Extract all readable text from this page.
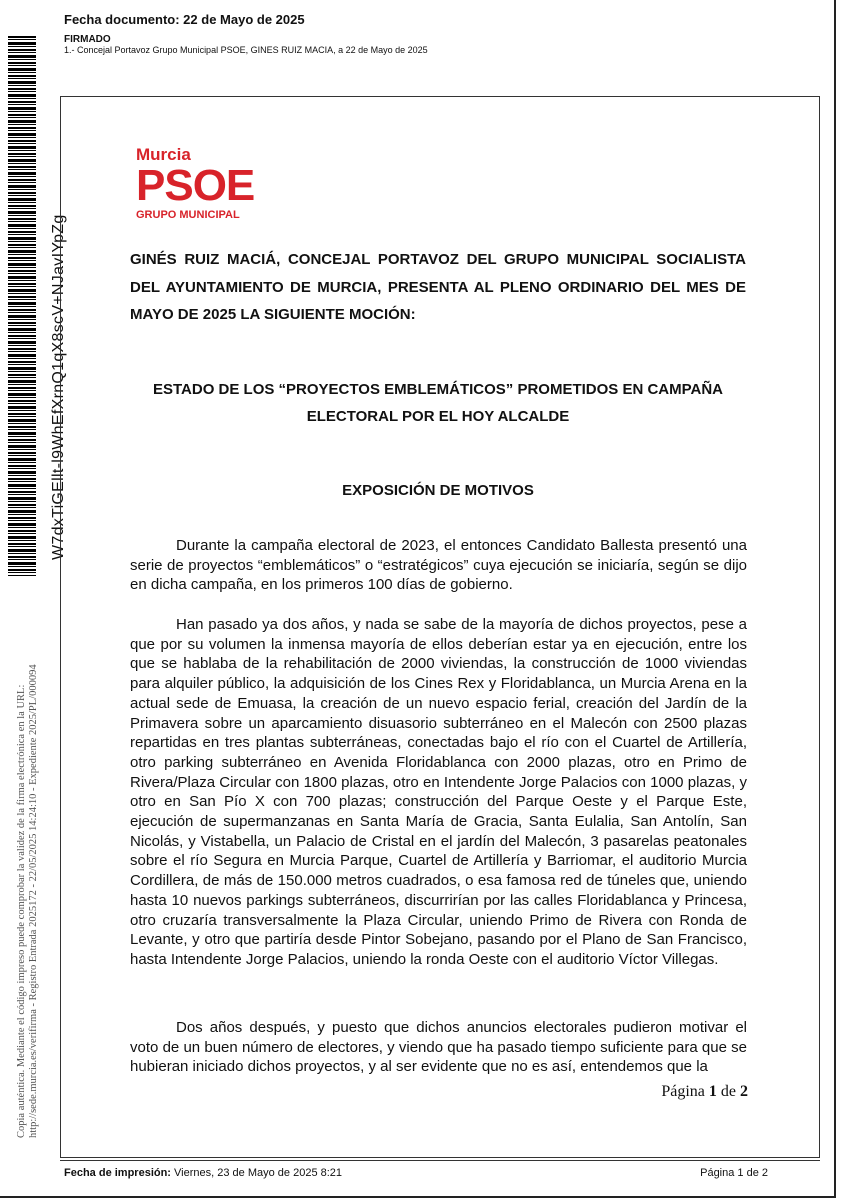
W7dxTiGEllt-l9WhEfXrnQ1qX8scV+NJavIYpZg
Copia auténtica. Mediante el código impreso puede comprobar la validez de la firma electrónica en la URL: http://sede.murcia.es/verifirma - Registro Entrada 2025172 - 22/05/2025 14:24:10 - Expediente 2025/PL/000094
Fecha documento: 22 de Mayo de 2025
FIRMADO
1.- Concejal Portavoz Grupo Municipal PSOE, GINES RUIZ MACIA, a 22 de Mayo de 2025
Murcia
PSOE
GRUPO MUNICIPAL
GINÉS RUIZ MACIÁ, CONCEJAL PORTAVOZ DEL GRUPO MUNICIPAL SOCIALISTA DEL AYUNTAMIENTO DE MURCIA, PRESENTA AL PLENO ORDINARIO DEL MES DE MAYO DE 2025 LA SIGUIENTE MOCIÓN:
ESTADO DE LOS “PROYECTOS EMBLEMÁTICOS” PROMETIDOS EN CAMPAÑA ELECTORAL POR EL HOY ALCALDE
EXPOSICIÓN DE MOTIVOS

Durante la campaña electoral de 2023, el entonces Candidato Ballesta presentó una serie de proyectos “emblemáticos” o “estratégicos” cuya ejecución se iniciaría, según se dijo en dicha campaña, en los primeros 100 días de gobierno.

Han pasado ya dos años, y nada se sabe de la mayoría de dichos proyectos, pese a que por su volumen la inmensa mayoría de ellos deberían estar ya en ejecución, entre los que se hablaba de la rehabilitación de 2000 viviendas, la construcción de 1000 viviendas para alquiler público, la adquisición de los Cines Rex y Floridablanca, un Murcia Arena en la actual sede de Emuasa, la creación de un nuevo espacio ferial, creación del Jardín de la Primavera sobre un aparcamiento disuasorio subterráneo en el Malecón con 2500 plazas repartidas en tres plantas subterráneas, conectadas bajo el río con el Cuartel de Artillería, otro parking subterráneo en Avenida Floridablanca con 2000 plazas, otro en Primo de Rivera/Plaza Circular con 1800 plazas, otro en Intendente Jorge Palacios con 1000 plazas, y otro en San Pío X con 700 plazas; construcción del Parque Oeste y el Parque Este, ejecución de supermanzanas en Santa María de Gracia, Santa Eulalia, San Antolín, San Nicolás, y Vistabella, un Palacio de Cristal en el jardín del Malecón, 3 pasarelas peatonales sobre el río Segura en Murcia Parque, Cuartel de Artillería y Barriomar, el auditorio Murcia Cordillera, de más de 150.000 metros cuadrados, o esa famosa red de túneles que, uniendo hasta 10 nuevos parkings subterráneos, discurrirían por las calles Floridablanca y Princesa, otro cruzaría transversalmente la Plaza Circular, uniendo Primo de Rivera con Ronda de Levante, y otro que partiría desde Pintor Sobejano, pasando por el Plano de San Francisco, hasta Intendente Jorge Palacios, uniendo la ronda Oeste con el auditorio Víctor Villegas.

Dos años después, y puesto que dichos anuncios electorales pudieron motivar el voto de un buen número de electores, y viendo que ha pasado tiempo suficiente para que se hubieran iniciado dichos proyectos, y al ser evidente que no es así, entendemos que la

Página 1 de 2
Fecha de impresión: Viernes, 23 de Mayo de 2025 8:21	Página 1 de 2
